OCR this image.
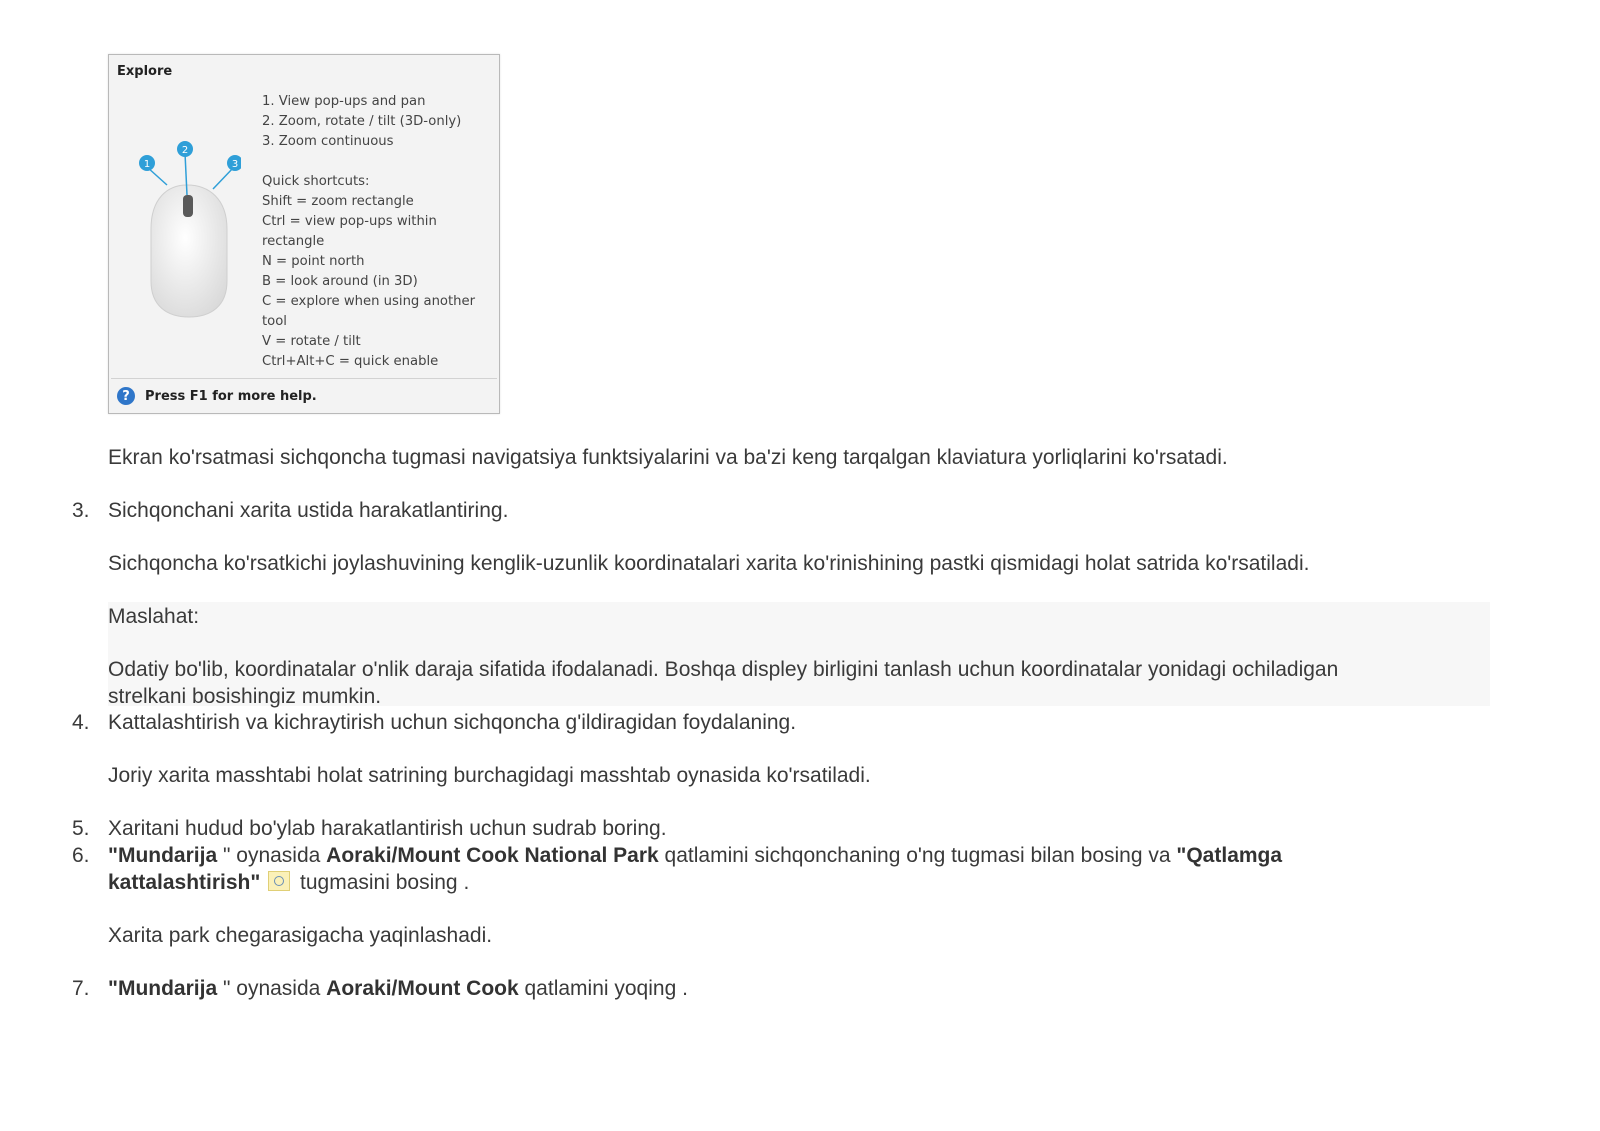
Explore
1
2
3
1. View pop-ups and pan
2. Zoom, rotate / tilt (3D-only)
3. Zoom continuous
Quick shortcuts:
Shift = zoom rectangle
Ctrl = view pop-ups within
rectangle
N = point north
B = look around (in 3D)
C = explore when using another
tool
V = rotate / tilt
Ctrl+Alt+C = quick enable
?	Press F1 for more help.

Ekran ko'rsatmasi sichqoncha tugmasi navigatsiya funktsiyalarini va ba'zi keng tarqalgan klaviatura yorliqlarini ko'rsatadi.

3. Sichqonchani xarita ustida harakatlantiring.

Sichqoncha ko'rsatkichi joylashuvining kenglik-uzunlik koordinatalari xarita ko'rinishining pastki qismidagi holat satrida ko'rsatiladi.

Maslahat:

Odatiy bo'lib, koordinatalar o'nlik daraja sifatida ifodalanadi. Boshqa displey birligini tanlash uchun koordinatalar yonidagi ochiladigan

strelkani bosishingiz mumkin.

4. Kattalashtirish va kichraytirish uchun sichqoncha g'ildiragidan foydalaning.

Joriy xarita masshtabi holat satrining burchagidagi masshtab oynasida ko'rsatiladi.

5. Xaritani hudud bo'ylab harakatlantirish uchun sudrab boring.

6. "Mundarija " oynasida Aoraki/Mount Cook National Park qatlamini sichqonchaning o'ng tugmasi bilan bosing va "Qatlamga

kattalashtirish"  tugmasini bosing .

Xarita park chegarasigacha yaqinlashadi.

7. "Mundarija " oynasida Aoraki/Mount Cook qatlamini yoqing .
